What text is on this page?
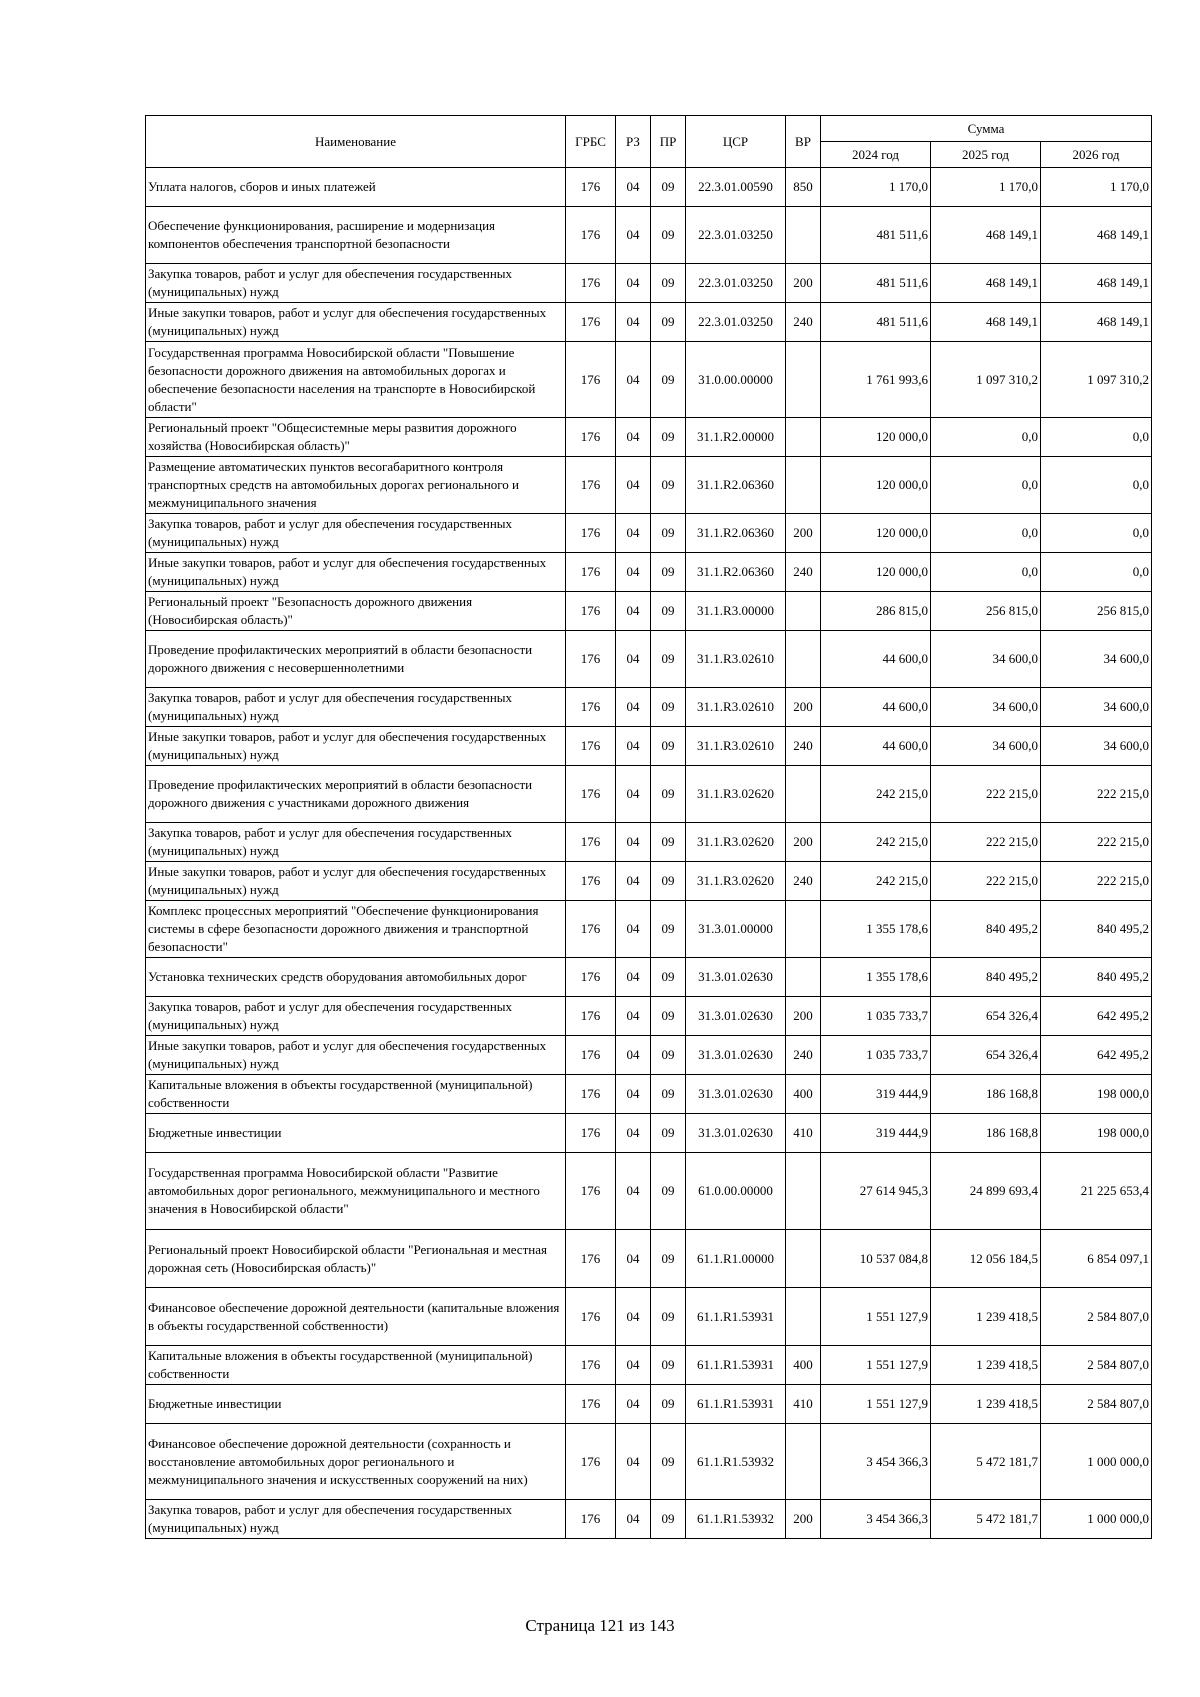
Наименование	ГРБС	РЗ	ПР	ЦСР	ВР	Сумма		
						2024 год	2025 год	2026 год
Уплата налогов, сборов и иных платежей	176	04	09	22.3.01.00590	850	1 170,0	1 170,0	1 170,0
Обеспечение функционирования, расширение и модернизация компонентов обеспечения транспортной безопасности	176	04	09	22.3.01.03250		481 511,6	468 149,1	468 149,1
Закупка товаров, работ и услуг для обеспечения государственных (муниципальных) нужд	176	04	09	22.3.01.03250	200	481 511,6	468 149,1	468 149,1
Иные закупки товаров, работ и услуг для обеспечения государственных (муниципальных) нужд	176	04	09	22.3.01.03250	240	481 511,6	468 149,1	468 149,1
Государственная программа Новосибирской области "Повышение безопасности дорожного движения на автомобильных дорогах и обеспечение безопасности населения на транспорте в Новосибирской области"	176	04	09	31.0.00.00000		1 761 993,6	1 097 310,2	1 097 310,2
Региональный проект "Общесистемные меры развития дорожного хозяйства (Новосибирская область)"	176	04	09	31.1.R2.00000		120 000,0	0,0	0,0
Размещение автоматических пунктов весогабаритного контроля транспортных средств на автомобильных дорогах регионального и межмуниципального значения	176	04	09	31.1.R2.06360		120 000,0	0,0	0,0
Закупка товаров, работ и услуг для обеспечения государственных (муниципальных) нужд	176	04	09	31.1.R2.06360	200	120 000,0	0,0	0,0
Иные закупки товаров, работ и услуг для обеспечения государственных (муниципальных) нужд	176	04	09	31.1.R2.06360	240	120 000,0	0,0	0,0
Региональный проект "Безопасность дорожного движения (Новосибирская область)"	176	04	09	31.1.R3.00000		286 815,0	256 815,0	256 815,0
Проведение профилактических мероприятий в области безопасности дорожного движения с несовершеннолетними	176	04	09	31.1.R3.02610		44 600,0	34 600,0	34 600,0
Закупка товаров, работ и услуг для обеспечения государственных (муниципальных) нужд	176	04	09	31.1.R3.02610	200	44 600,0	34 600,0	34 600,0
Иные закупки товаров, работ и услуг для обеспечения государственных (муниципальных) нужд	176	04	09	31.1.R3.02610	240	44 600,0	34 600,0	34 600,0
Проведение профилактических мероприятий в области безопасности дорожного движения с участниками дорожного движения	176	04	09	31.1.R3.02620		242 215,0	222 215,0	222 215,0
Закупка товаров, работ и услуг для обеспечения государственных (муниципальных) нужд	176	04	09	31.1.R3.02620	200	242 215,0	222 215,0	222 215,0
Иные закупки товаров, работ и услуг для обеспечения государственных (муниципальных) нужд	176	04	09	31.1.R3.02620	240	242 215,0	222 215,0	222 215,0
Комплекс процессных мероприятий "Обеспечение функционирования системы в сфере безопасности дорожного движения и транспортной безопасности"	176	04	09	31.3.01.00000		1 355 178,6	840 495,2	840 495,2
Установка технических средств оборудования автомобильных дорог	176	04	09	31.3.01.02630		1 355 178,6	840 495,2	840 495,2
Закупка товаров, работ и услуг для обеспечения государственных (муниципальных) нужд	176	04	09	31.3.01.02630	200	1 035 733,7	654 326,4	642 495,2
Иные закупки товаров, работ и услуг для обеспечения государственных (муниципальных) нужд	176	04	09	31.3.01.02630	240	1 035 733,7	654 326,4	642 495,2
Капитальные вложения в объекты государственной (муниципальной) собственности	176	04	09	31.3.01.02630	400	319 444,9	186 168,8	198 000,0
Бюджетные инвестиции	176	04	09	31.3.01.02630	410	319 444,9	186 168,8	198 000,0
Государственная программа Новосибирской области "Развитие автомобильных дорог регионального, межмуниципального и местного значения в Новосибирской области"	176	04	09	61.0.00.00000		27 614 945,3	24 899 693,4	21 225 653,4
Региональный проект Новосибирской области "Региональная и местная дорожная сеть (Новосибирская область)"	176	04	09	61.1.R1.00000		10 537 084,8	12 056 184,5	6 854 097,1
Финансовое обеспечение дорожной деятельности (капитальные вложения в объекты государственной собственности)	176	04	09	61.1.R1.53931		1 551 127,9	1 239 418,5	2 584 807,0
Капитальные вложения в объекты государственной (муниципальной) собственности	176	04	09	61.1.R1.53931	400	1 551 127,9	1 239 418,5	2 584 807,0
Бюджетные инвестиции	176	04	09	61.1.R1.53931	410	1 551 127,9	1 239 418,5	2 584 807,0
Финансовое обеспечение дорожной деятельности (сохранность и восстановление автомобильных дорог регионального и межмуниципального значения и искусственных сооружений на них)	176	04	09	61.1.R1.53932		3 454 366,3	5 472 181,7	1 000 000,0
Закупка товаров, работ и услуг для обеспечения государственных (муниципальных) нужд	176	04	09	61.1.R1.53932	200	3 454 366,3	5 472 181,7	1 000 000,0
Страница 121 из 143
